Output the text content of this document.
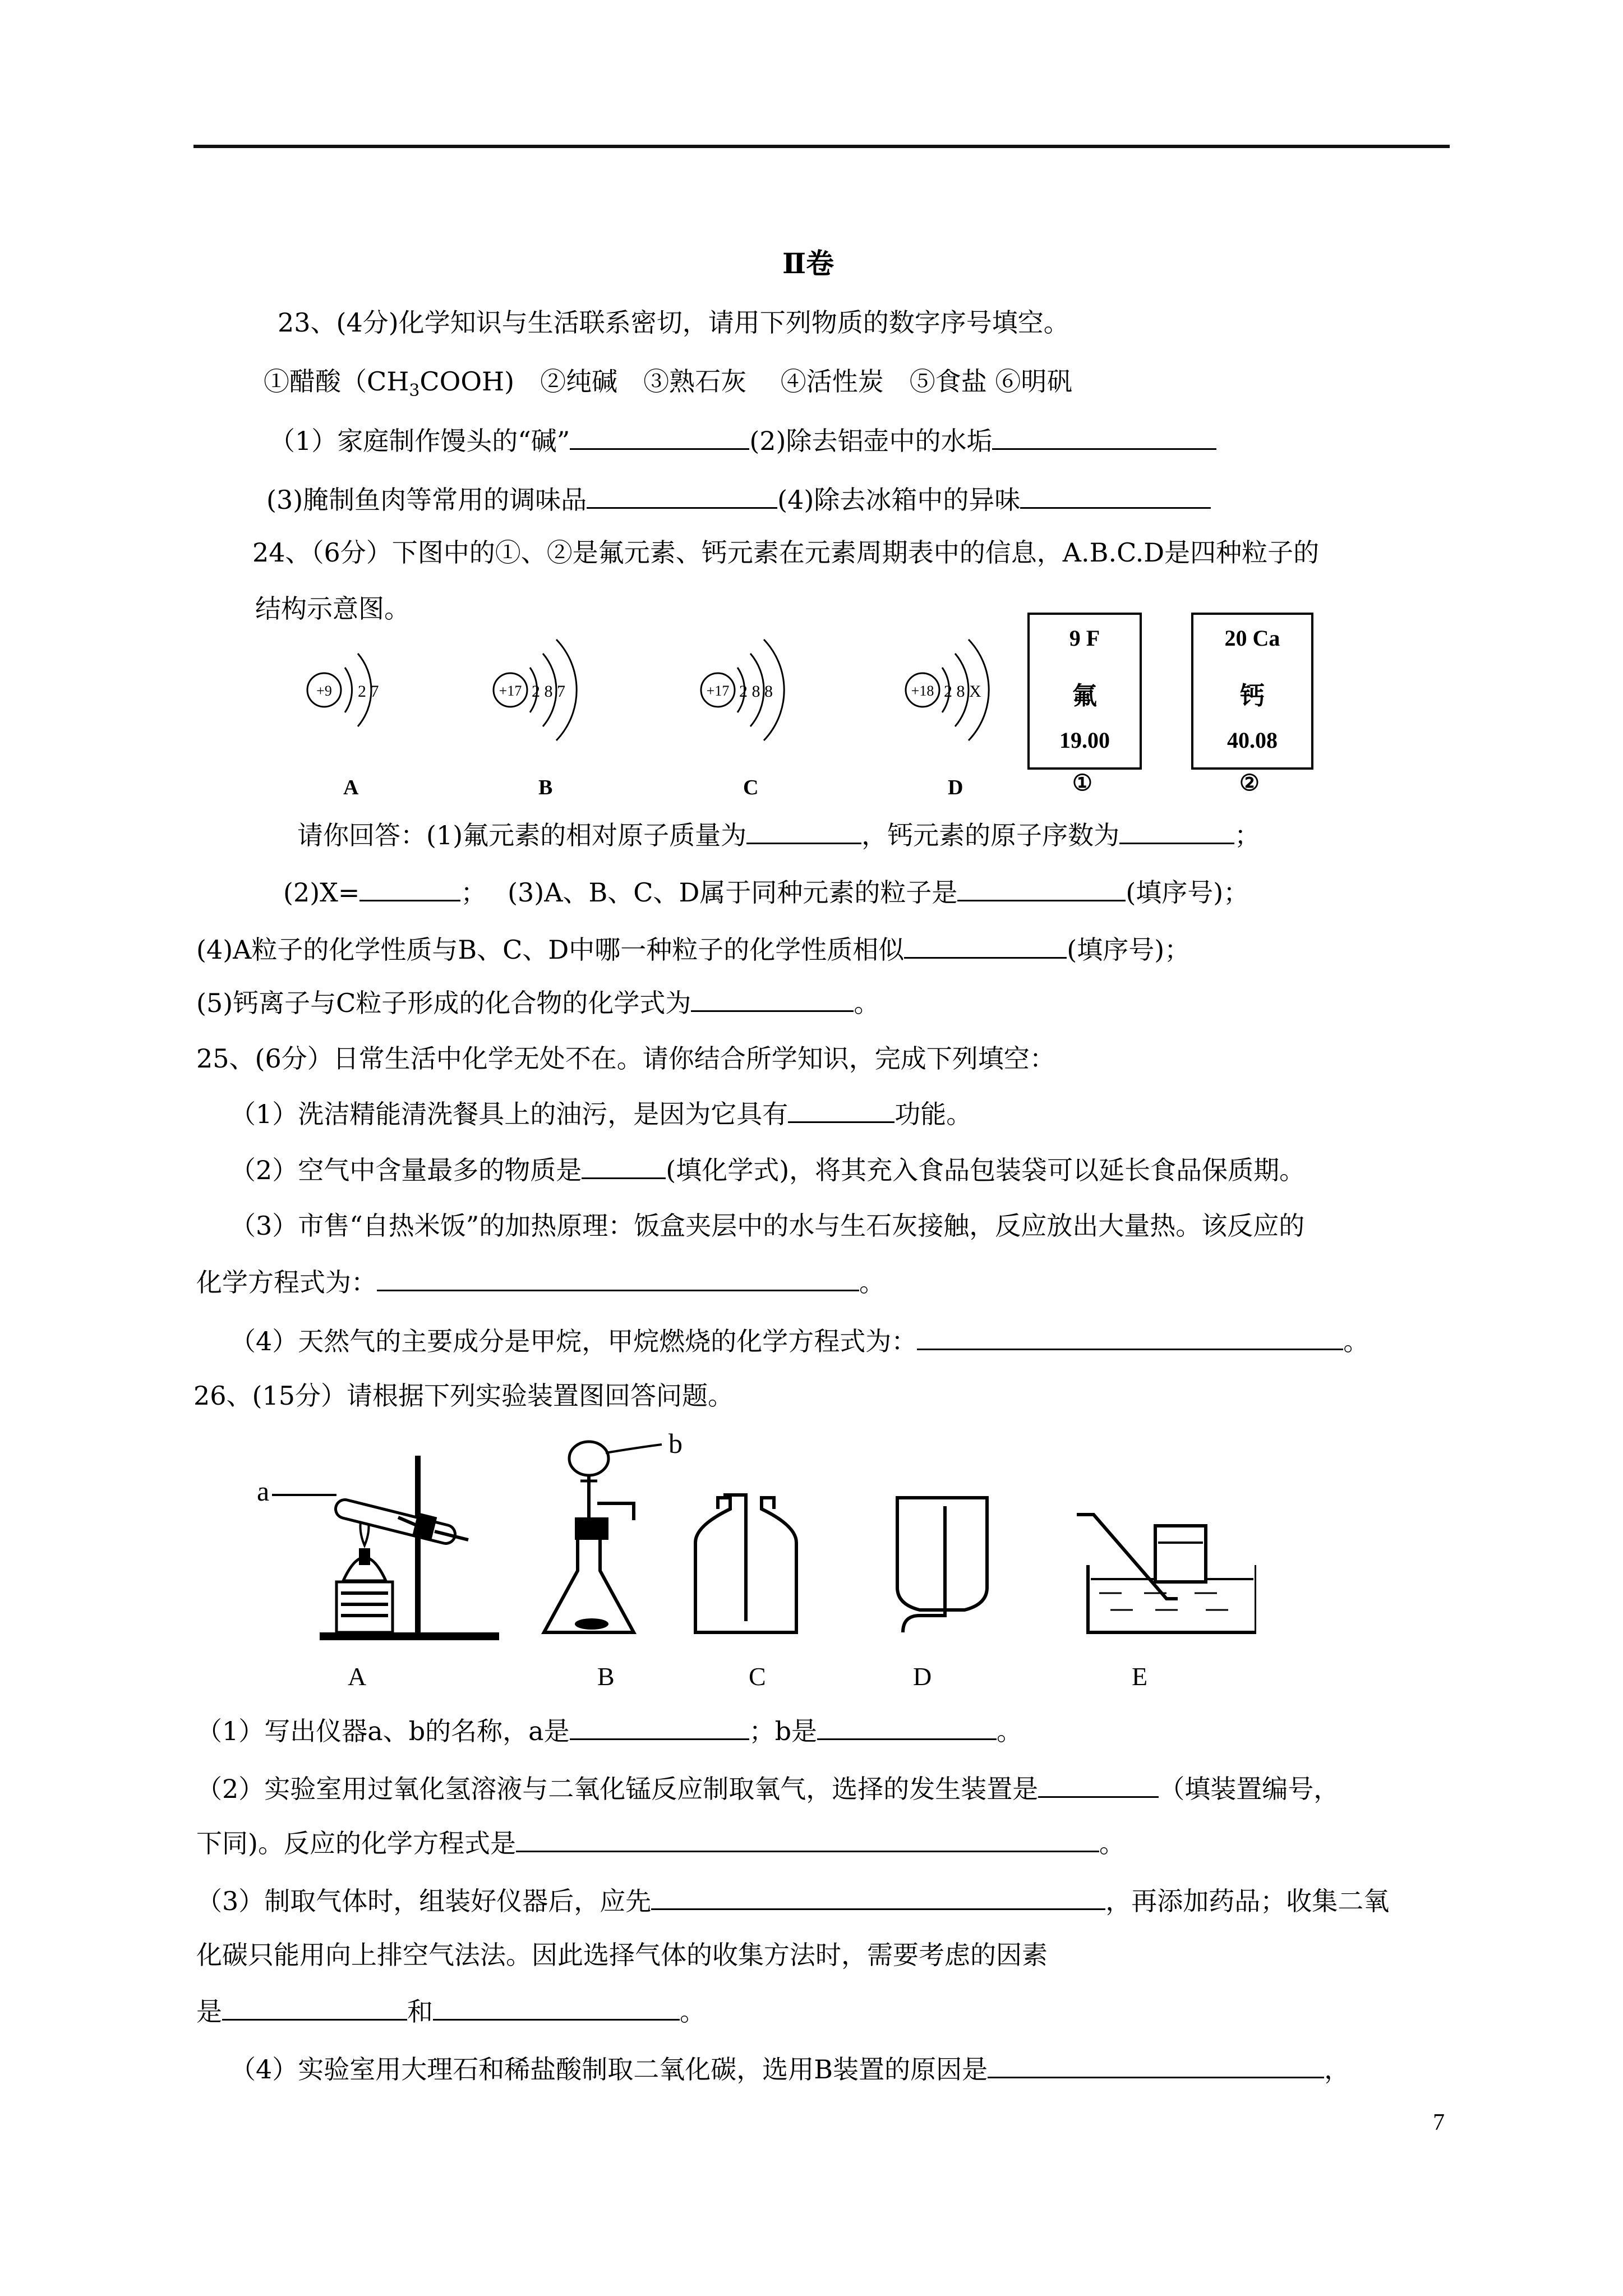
Ⅱ卷
23、(4分)化学知识与生活联系密切，请用下列物质的数字序号填空。
①醋酸$(CH_3COOH)$　②纯碱　③熟石灰　 ④活性炭　⑤食盐 ⑥明矾
（1）家庭制作馒头的“碱”	(2)除去铝壶中的水垢
(3)腌制鱼肉等常用的调味品	(4)除去冰箱中的异味
24、（6分）下图中的①、②是氟元素、钙元素在元素周期表中的信息，A.B.C.D是四种粒子的
结构示意图。
+9 2 7	+17 2 8 7	+17 2 8 8	+18 2 8 X
A	B	C	D
9 F
氟
19.00
①
20 Ca
钙
40.08
②
请你回答：(1)氟元素的相对原子质量为	，钙元素的原子序数为	；
(2)X=	；　 (3)A、B、C、D属于同种元素的粒子是	(填序号)；
(4)A粒子的化学性质与B、C、D中哪一种粒子的化学性质相似	(填序号)；
(5)钙离子与C粒子形成的化合物的化学式为	。
25、(6分）日常生活中化学无处不在。请你结合所学知识，完成下列填空：
（1）洗洁精能清洗餐具上的油污，是因为它具有	功能。
（2）空气中含量最多的物质是	(填化学式)，将其充入食品包装袋可以延长食品保质期。
（3）市售“自热米饭”的加热原理：饭盒夹层中的水与生石灰接触，反应放出大量热。该反应的
化学方程式为：	。
（4）天然气的主要成分是甲烷，甲烷燃烧的化学方程式为：	。
26、(15分）请根据下列实验装置图回答问题。
a
b
A	B	C	D	E
（1）写出仪器a、b的名称，a是	；b是	。
（2）实验室用过氧化氢溶液与二氧化锰反应制取氧气，选择的发生装置是	（填装置编号，
下同)。反应的化学方程式是	。
（3）制取气体时，组装好仪器后，应先	，再添加药品；收集二氧
化碳只能用向上排空气法法。因此选择气体的收集方法时，需要考虑的因素
是	和	。
（4）实验室用大理石和稀盐酸制取二氧化碳，选用B装置的原因是	，
7
